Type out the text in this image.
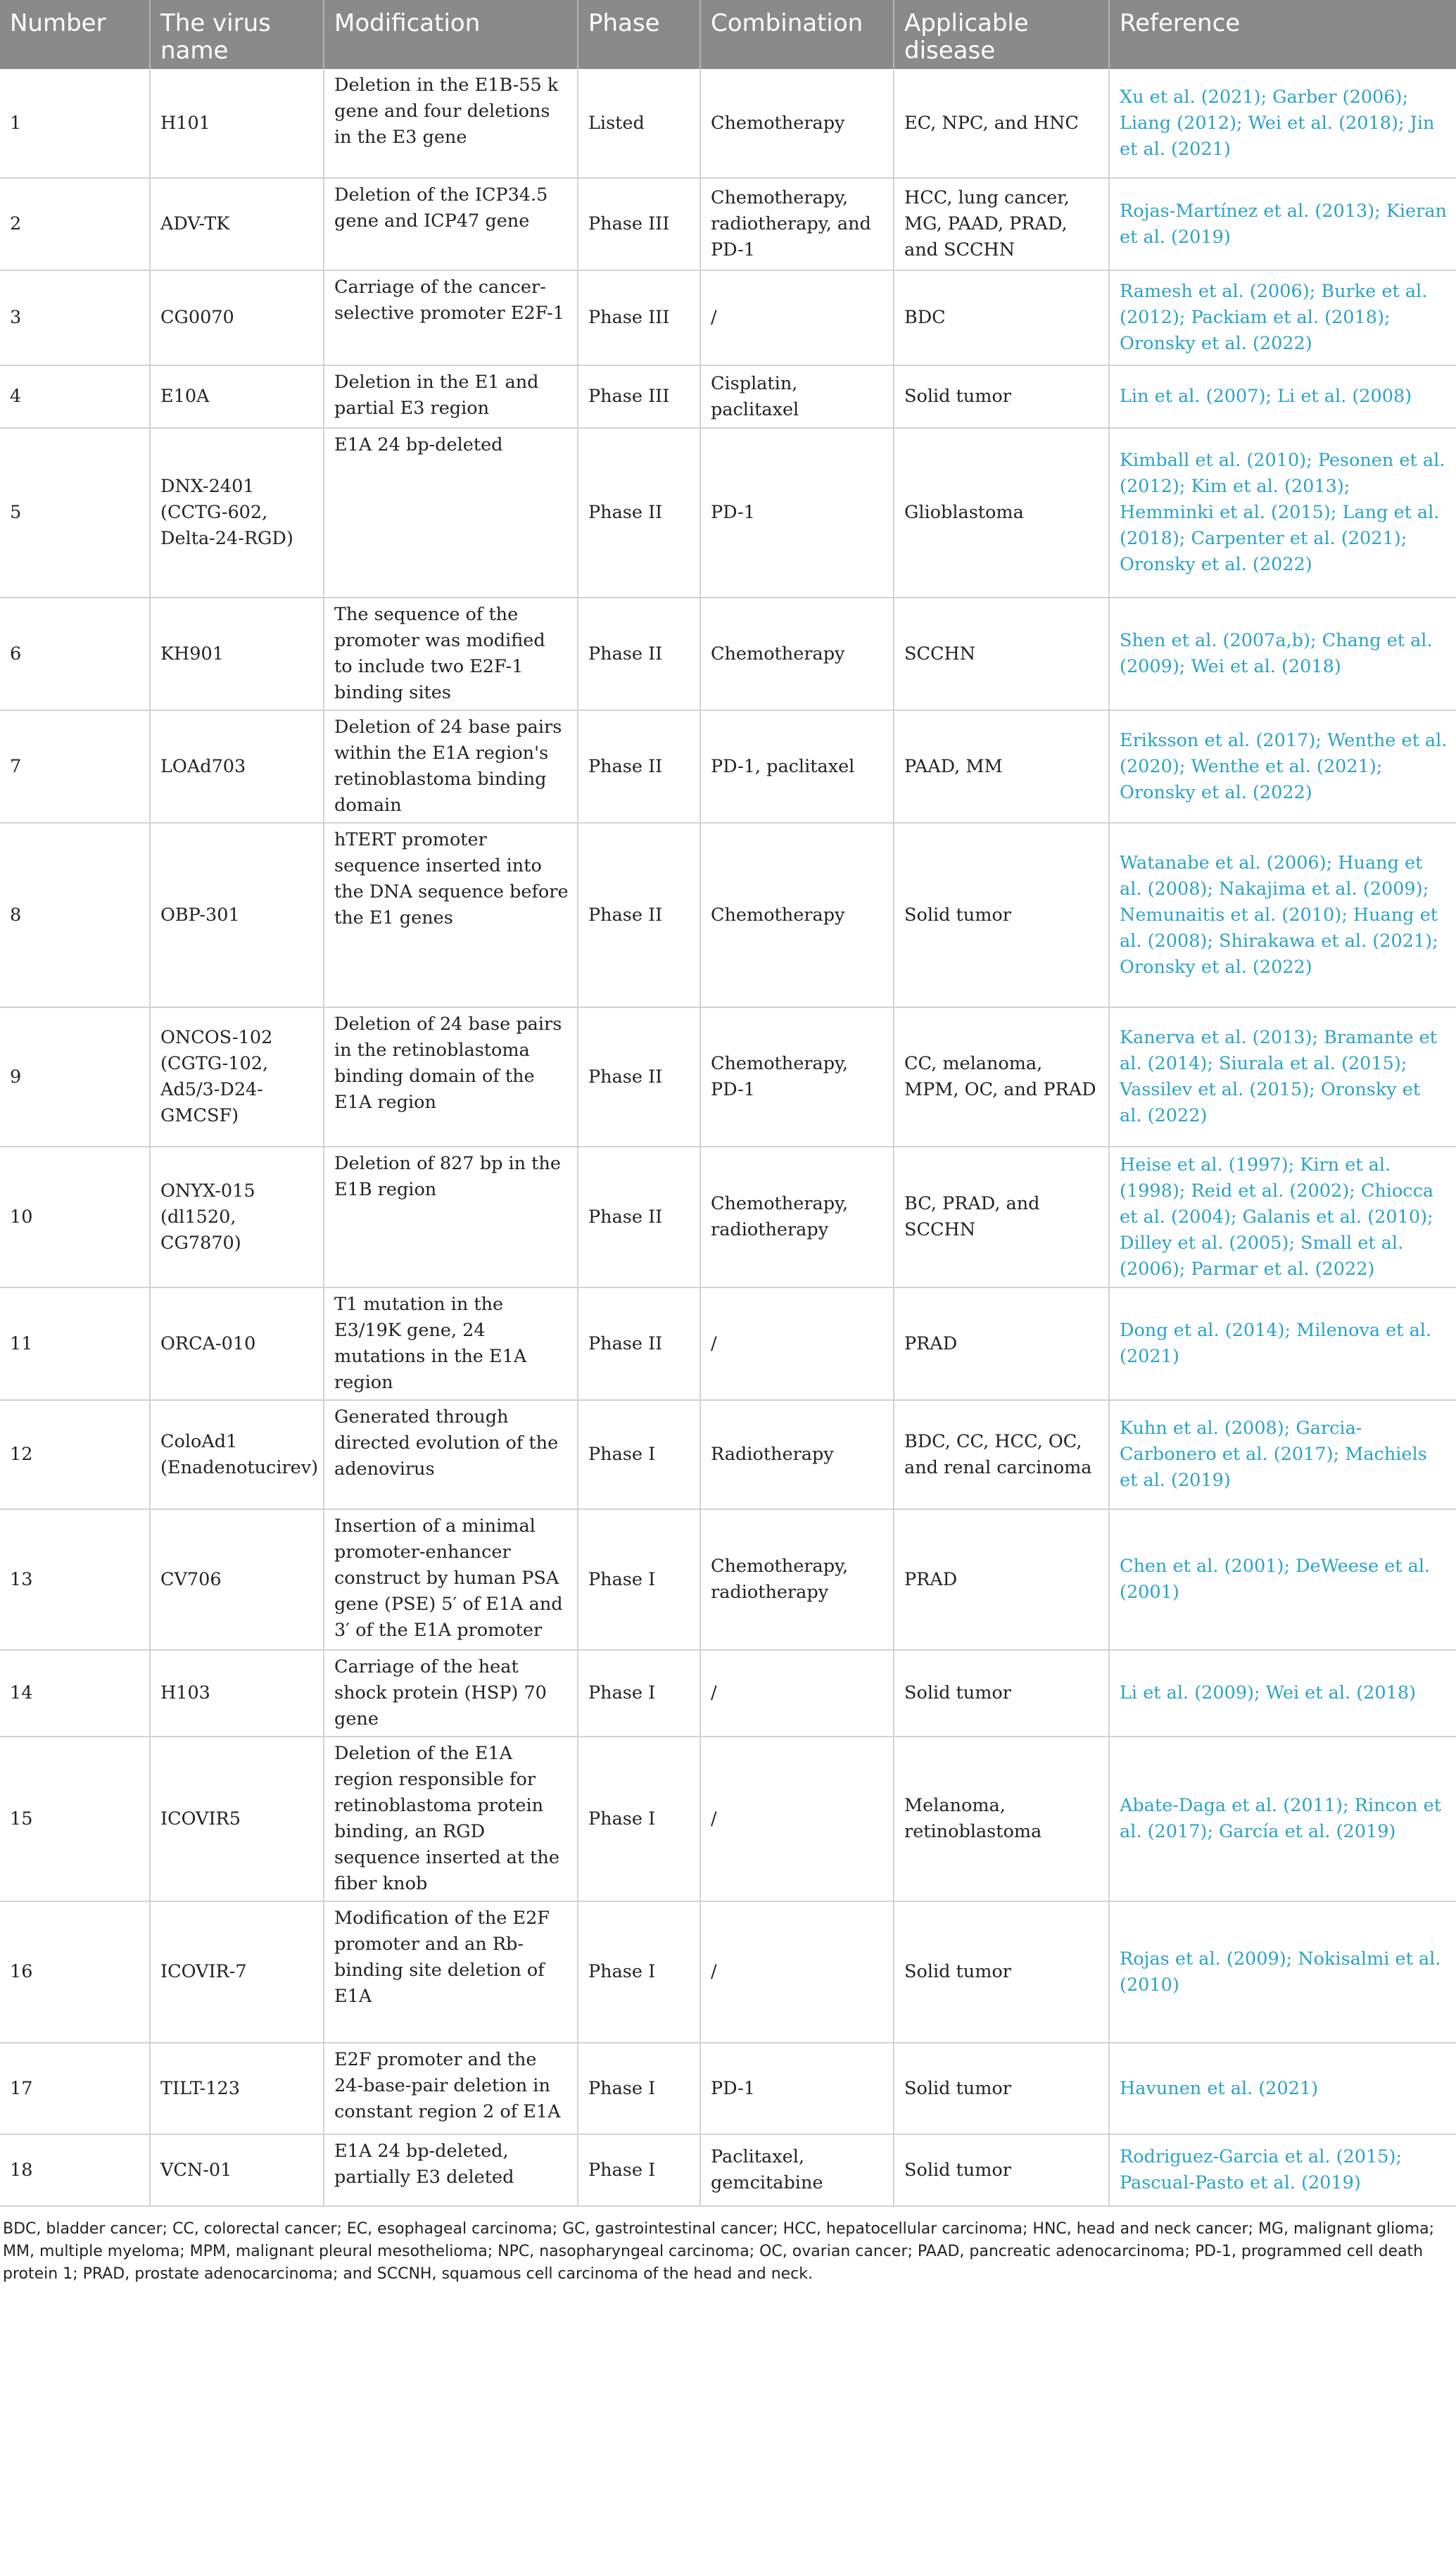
Number	The virus name	Modification	Phase	Combination	Applicable disease	Reference
1	H101	Deletion in the E1B-55 k gene and four deletions in the E3 gene	Listed	Chemotherapy	EC, NPC, and HNC	Xu et al. (2021); Garber (2006); Liang (2012); Wei et al. (2018); Jin et al. (2021)
2	ADV-TK	Deletion of the ICP34.5 gene and ICP47 gene	Phase III	Chemotherapy, radiotherapy, and PD-1	HCC, lung cancer, MG, PAAD, PRAD, and SCCHN	Rojas-Martínez et al. (2013); Kieran et al. (2019)
3	CG0070	Carriage of the cancer-selective promoter E2F-1	Phase III	/	BDC	Ramesh et al. (2006); Burke et al. (2012); Packiam et al. (2018); Oronsky et al. (2022)
4	E10A	Deletion in the E1 and partial E3 region	Phase III	Cisplatin, paclitaxel	Solid tumor	Lin et al. (2007); Li et al. (2008)
5	DNX-2401 (CCTG-602, Delta-24-RGD)	E1A 24 bp-deleted	Phase II	PD-1	Glioblastoma	Kimball et al. (2010); Pesonen et al. (2012); Kim et al. (2013); Hemminki et al. (2015); Lang et al. (2018); Carpenter et al. (2021); Oronsky et al. (2022)
6	KH901	The sequence of the promoter was modified to include two E2F-1 binding sites	Phase II	Chemotherapy	SCCHN	Shen et al. (2007a,b); Chang et al. (2009); Wei et al. (2018)
7	LOAd703	Deletion of 24 base pairs within the E1A region's retinoblastoma binding domain	Phase II	PD-1, paclitaxel	PAAD, MM	Eriksson et al. (2017); Wenthe et al. (2020); Wenthe et al. (2021); Oronsky et al. (2022)
8	OBP-301	hTERT promoter sequence inserted into the DNA sequence before the E1 genes	Phase II	Chemotherapy	Solid tumor	Watanabe et al. (2006); Huang et al. (2008); Nakajima et al. (2009); Nemunaitis et al. (2010); Huang et al. (2008); Shirakawa et al. (2021); Oronsky et al. (2022)
9	ONCOS-102 (CGTG-102, Ad5/3-D24-GMCSF)	Deletion of 24 base pairs in the retinoblastoma binding domain of the E1A region	Phase II	Chemotherapy, PD-1	CC, melanoma, MPM, OC, and PRAD	Kanerva et al. (2013); Bramante et al. (2014); Siurala et al. (2015); Vassilev et al. (2015); Oronsky et al. (2022)
10	ONYX-015 (dl1520, CG7870)	Deletion of 827 bp in the E1B region	Phase II	Chemotherapy, radiotherapy	BC, PRAD, and SCCHN	Heise et al. (1997); Kirn et al. (1998); Reid et al. (2002); Chiocca et al. (2004); Galanis et al. (2010); Dilley et al. (2005); Small et al. (2006); Parmar et al. (2022)
11	ORCA-010	T1 mutation in the E3/19K gene, 24 mutations in the E1A region	Phase II	/	PRAD	Dong et al. (2014); Milenova et al. (2021)
12	ColoAd1 (Enadenotucirev)	Generated through directed evolution of the adenovirus	Phase I	Radiotherapy	BDC, CC, HCC, OC, and renal carcinoma	Kuhn et al. (2008); Garcia-Carbonero et al. (2017); Machiels et al. (2019)
13	CV706	Insertion of a minimal promoter-enhancer construct by human PSA gene (PSE) 5′ of E1A and 3′ of the E1A promoter	Phase I	Chemotherapy, radiotherapy	PRAD	Chen et al. (2001); DeWeese et al. (2001)
14	H103	Carriage of the heat shock protein (HSP) 70 gene	Phase I	/	Solid tumor	Li et al. (2009); Wei et al. (2018)
15	ICOVIR5	Deletion of the E1A region responsible for retinoblastoma protein binding, an RGD sequence inserted at the fiber knob	Phase I	/	Melanoma, retinoblastoma	Abate-Daga et al. (2011); Rincon et al. (2017); García et al. (2019)
16	ICOVIR-7	Modification of the E2F promoter and an Rb-binding site deletion of E1A	Phase I	/	Solid tumor	Rojas et al. (2009); Nokisalmi et al. (2010)
17	TILT-123	E2F promoter and the 24-base-pair deletion in constant region 2 of E1A	Phase I	PD-1	Solid tumor	Havunen et al. (2021)
18	VCN-01	E1A 24 bp-deleted, partially E3 deleted	Phase I	Paclitaxel, gemcitabine	Solid tumor	Rodriguez-Garcia et al. (2015); Pascual-Pasto et al. (2019)
BDC, bladder cancer; CC, colorectal cancer; EC, esophageal carcinoma; GC, gastrointestinal cancer; HCC, hepatocellular carcinoma; HNC, head and neck cancer; MG, malignant glioma; MM, multiple myeloma; MPM, malignant pleural mesothelioma; NPC, nasopharyngeal carcinoma; OC, ovarian cancer; PAAD, pancreatic adenocarcinoma; PD-1, programmed cell death protein 1; PRAD, prostate adenocarcinoma; and SCCNH, squamous cell carcinoma of the head and neck.
